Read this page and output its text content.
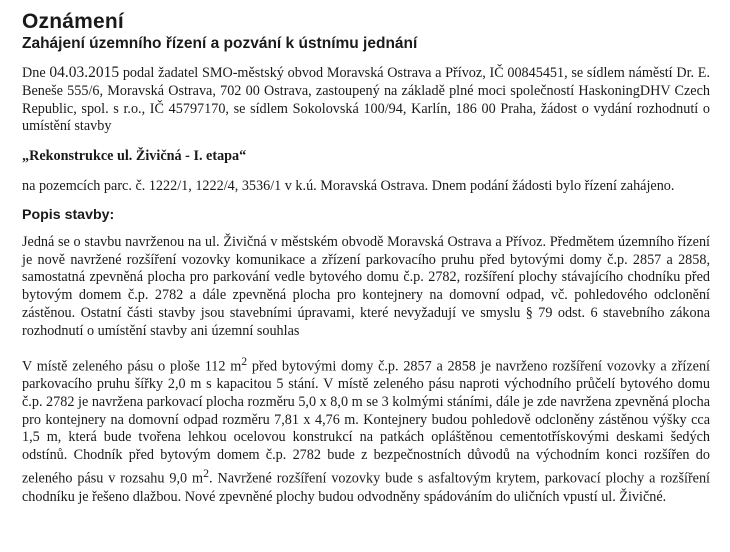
Oznámení
Zahájení územního řízení a pozvání k ústnímu jednání

Dne 04.03.2015 podal žadatel SMO-městský obvod Moravská Ostrava a Přívoz, IČ 00845451, se sídlem náměstí Dr. E. Beneše 555/6, Moravská Ostrava, 702 00 Ostrava, zastoupený na základě plné moci společností HaskoningDHV Czech Republic, spol. s r.o., IČ 45797170, se sídlem Sokolovská 100/94, Karlín, 186 00 Praha, žádost o vydání rozhodnutí o umístění stavby

„Rekonstrukce ul. Živičná - I. etapa“

na pozemcích parc. č. 1222/1, 1222/4, 3536/1 v k.ú. Moravská Ostrava. Dnem podání žádosti bylo řízení zahájeno.

Popis stavby:

Jedná se o stavbu navrženou na ul. Živičná v městském obvodě Moravská Ostrava a Přívoz. Předmětem územního řízení je nově navržené rozšíření vozovky komunikace a zřízení parkovacího pruhu před bytovými domy č.p. 2857 a 2858, samostatná zpevněná plocha pro parkování vedle bytového domu č.p. 2782, rozšíření plochy stávajícího chodníku před bytovým domem č.p. 2782 a dále zpevněná plocha pro kontejnery na domovní odpad, vč. pohledového odclonění zástěnou. Ostatní části stavby jsou stavebními úpravami, které nevyžadují ve smyslu § 79 odst. 6 stavebního zákona rozhodnutí o umístění stavby ani územní souhlas

V místě zeleného pásu o ploše 112 $m^2$ před bytovými domy č.p. 2857 a 2858 je navrženo rozšíření vozovky a zřízení parkovacího pruhu šířky 2,0 m s kapacitou 5 stání. V místě zeleného pásu naproti východního průčelí bytového domu č.p. 2782 je navržena parkovací plocha rozměru 5,0 x 8,0 m se 3 kolmými stáními, dále je zde navržena zpevněná plocha pro kontejnery na domovní odpad rozměru 7,81 x 4,76 m. Kontejnery budou pohledově odcloněny zástěnou výšky cca 1,5 m, která bude tvořena lehkou ocelovou konstrukcí na patkách opláštěnou cementotřískovými deskami šedých odstínů. Chodník před bytovým domem č.p. 2782 bude z bezpečnostních důvodů na východním konci rozšířen do zeleného pásu v rozsahu 9,0 $m^2$. Navržené rozšíření vozovky bude s asfaltovým krytem, parkovací plochy a rozšíření chodníku je řešeno dlažbou. Nové zpevněné plochy budou odvodněny spádováním do uličních vpustí ul. Živičné.
